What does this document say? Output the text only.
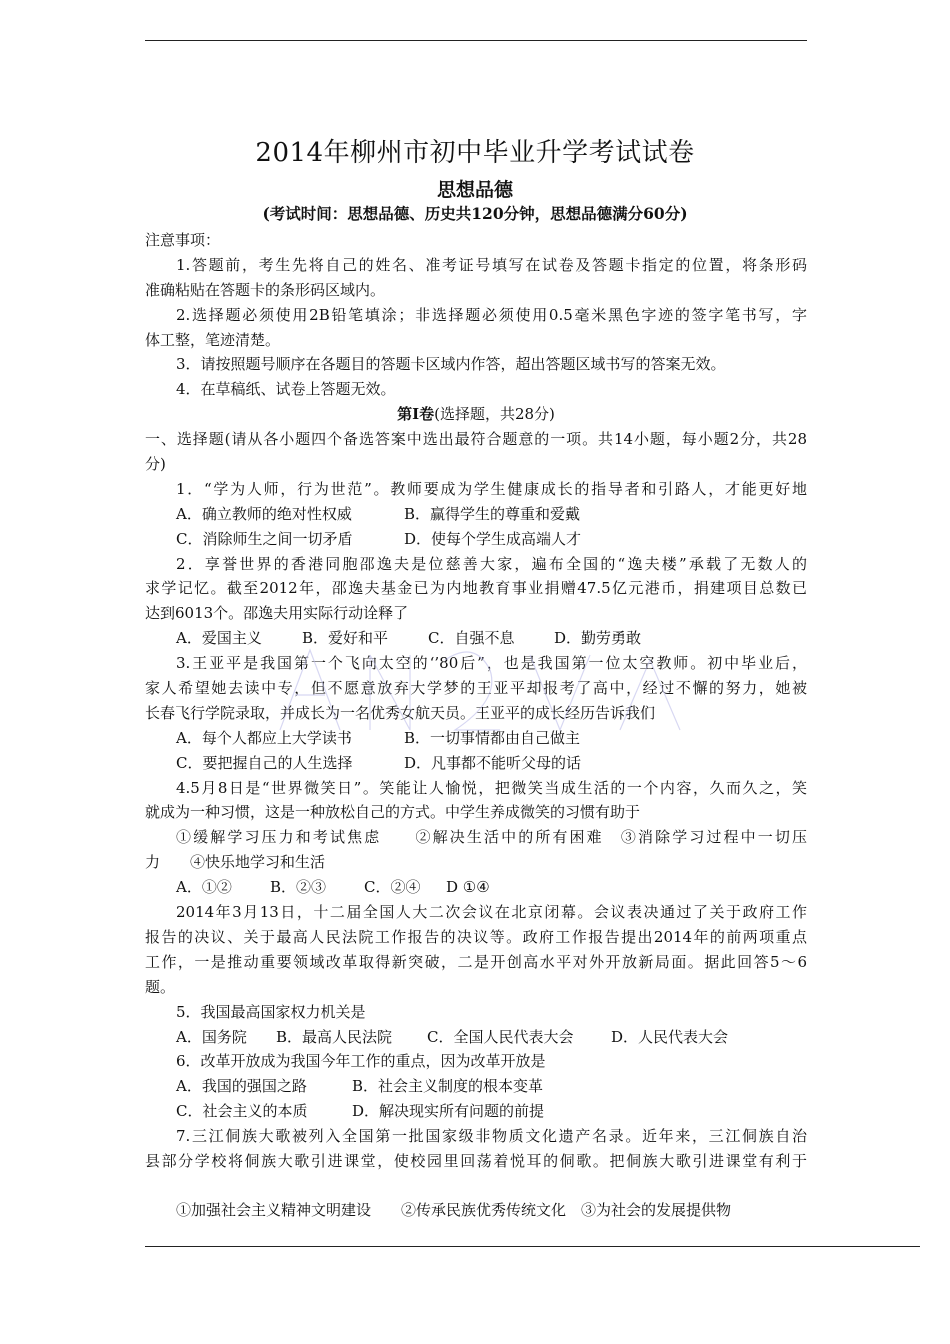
2014年柳州市初中毕业升学考试试卷
思想品德
(考试时间：思想品德、历史共120分钟，思想品德满分60分)
注意事项：
1.答题前，考生先将自己的姓名、准考证号填写在试卷及答题卡指定的位置，将条形码
准确粘贴在答题卡的条形码区域内。
2.选择题必须使用2B铅笔填涂；非选择题必须使用0.5毫米黑色字迹的签字笔书写，字
体工整，笔迹清楚。
3．请按照题号顺序在各题目的答题卡区域内作答，超出答题区域书写的答案无效。
4．在草稿纸、试卷上答题无效。
第Ⅰ卷(选择题，共28分)
一、选择题(请从各小题四个备选答案中选出最符合题意的一项。共14小题，每小题2分，共28
分)
1．“学为人师，行为世范”。教师要成为学生健康成长的指导者和引路人，才能更好地
A．确立教师的绝对性权威	B．赢得学生的尊重和爱戴
C．消除师生之间一切矛盾	D．使每个学生成高端人才
2．享誉世界的香港同胞邵逸夫是位慈善大家，遍布全国的“逸夫楼”承载了无数人的
求学记忆。截至2012年，邵逸夫基金已为内地教育事业捐赠47.5亿元港币，捐建项目总数已
达到6013个。邵逸夫用实际行动诠释了
A．爱国主义	B．爱好和平	C．自强不息	D．勤劳勇敢
3.王亚平是我国第一个飞向太空的‘’80后”，也是我国第一位太空教师。初中毕业后，
家人希望她去读中专，但不愿意放弃大学梦的王亚平却报考了高中，经过不懈的努力，她被
长春飞行学院录取，并成长为一名优秀女航天员。王亚平的成长经历告诉我们
A．每个人都应上大学读书	B．一切事情都由自己做主
C．要把握自己的人生选择	D．凡事都不能听父母的话
4.5月8日是“世界微笑日”。笑能让人愉悦，把微笑当成生活的一个内容，久而久之，笑
就成为一种习惯，这是一种放松自己的方式。中学生养成微笑的习惯有助于
①缓解学习压力和考试焦虑　　②解决生活中的所有困难　③消除学习过程中一切压
力　　④快乐地学习和生活
A．①②	B．②③	C．②④ D ①④
2014年3月13日，十二届全国人大二次会议在北京闭幕。会议表决通过了关于政府工作
报告的决议、关于最高人民法院工作报告的决议等。政府工作报告提出2014年的前两项重点
工作，一是推动重要领域改革取得新突破，二是开创高水平对外开放新局面。据此回答5～6
题。
5．我国最高国家权力机关是
A．国务院 B．最高人民法院 C．全国人民代表大会	D．人民代表大会
6．改革开放成为我国今年工作的重点，因为改革开放是
A．我国的强国之路	B．社会主义制度的根本变革
C．社会主义的本质	D．解决现实所有问题的前提
7.三江侗族大歌被列入全国第一批国家级非物质文化遗产名录。近年来，三江侗族自治
县部分学校将侗族大歌引进课堂，使校园里回荡着悦耳的侗歌。把侗族大歌引进课堂有利于
①加强社会主义精神文明建设　　②传承民族优秀传统文化　③为社会的发展提供物
